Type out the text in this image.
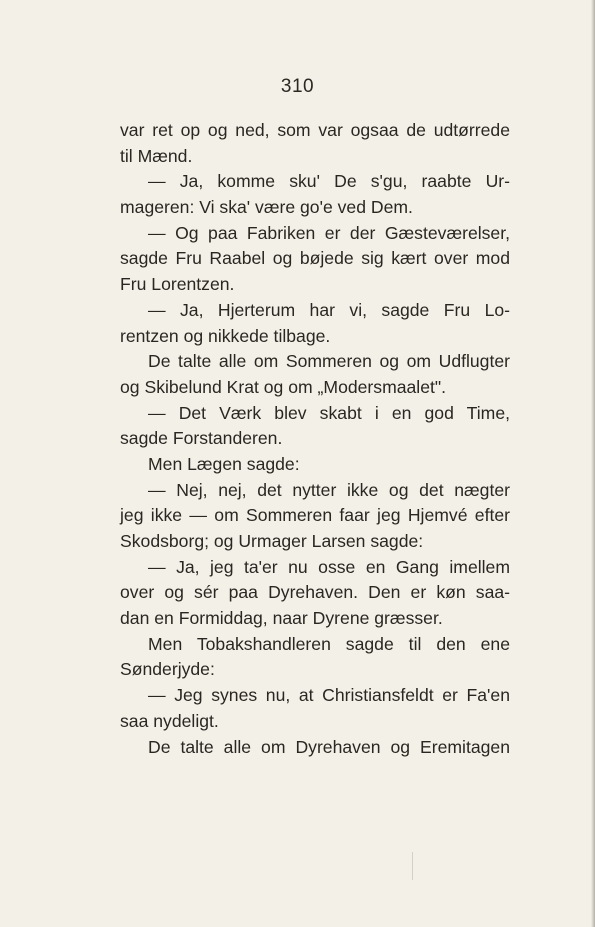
310
var ret op og ned, som var ogsaa de udtørrede
til Mænd.
— Ja, komme sku' De s'gu, raabte Ur-
mageren: Vi ska' være go'e ved Dem.
— Og paa Fabriken er der Gæsteværelser,
sagde Fru Raabel og bøjede sig kært over mod
Fru Lorentzen.
— Ja, Hjerterum har vi, sagde Fru Lo-
rentzen og nikkede tilbage.
De talte alle om Sommeren og om Udflugter
og Skibelund Krat og om „Modersmaalet".
— Det Værk blev skabt i en god Time,
sagde Forstanderen.
Men Lægen sagde:
— Nej, nej, det nytter ikke og det nægter
jeg ikke — om Sommeren faar jeg Hjemvé efter
Skodsborg; og Urmager Larsen sagde:
— Ja, jeg ta'er nu osse en Gang imellem
over og sér paa Dyrehaven. Den er køn saa-
dan en Formiddag, naar Dyrene græsser.
Men Tobakshandleren sagde til den ene
Sønderjyde:
— Jeg synes nu, at Christiansfeldt er Fa'en
saa nydeligt.
De talte alle om Dyrehaven og Eremitagen
